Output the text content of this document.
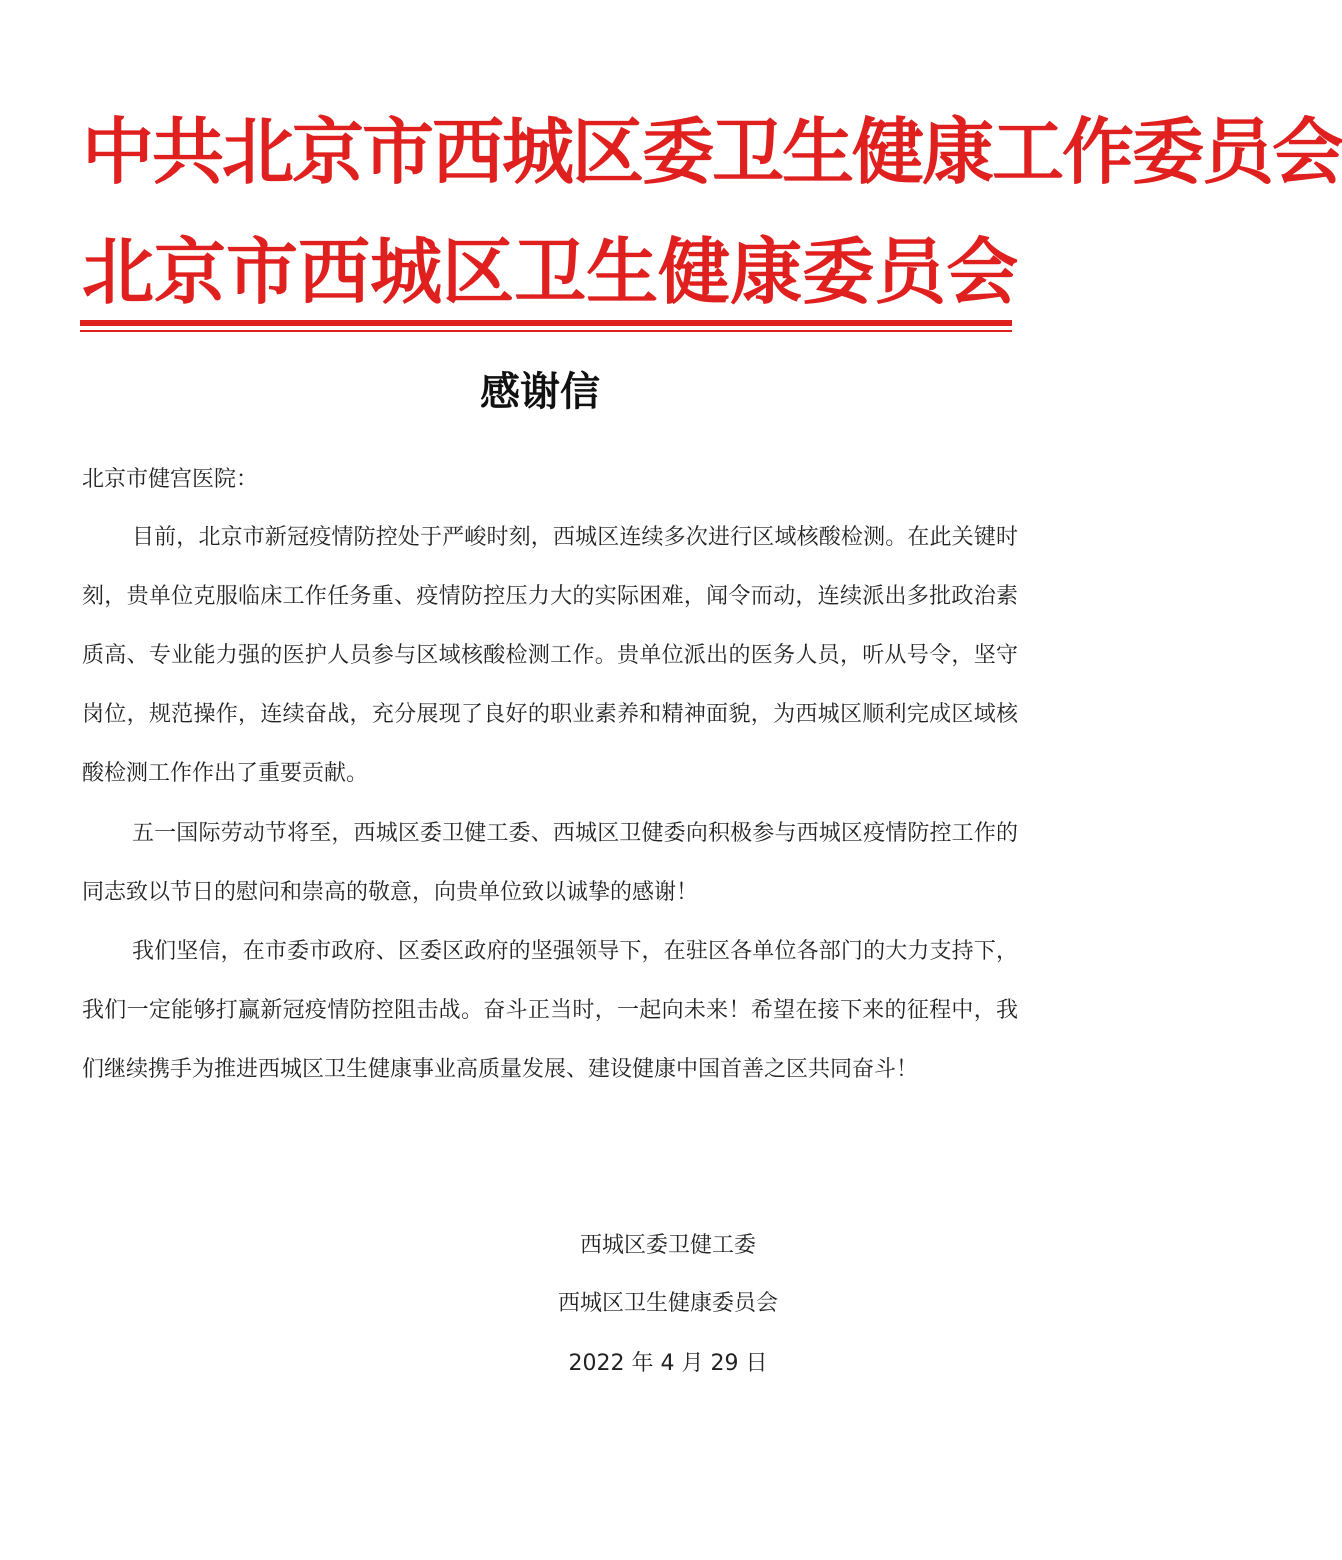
中共北京市西城区委卫生健康工作委员会
北 京 市 西 城 区 卫 生 健 康 委 员 会
感谢信
北京市健宫医院：

目前，北京市新冠疫情防控处于严峻时刻，西城区连续多次进行区域核酸检测。在此关键时刻，贵单位克服临床工作任务重、疫情防控压力大的实际困难，闻令而动，连续派出多批政治素质高、专业能力强的医护人员参与区域核酸检测工作。贵单位派出的医务人员，听从号令，坚守岗位，规范操作，连续奋战，充分展现了良好的职业素养和精神面貌，为西城区顺利完成区域核酸检测工作作出了重要贡献。

五一国际劳动节将至，西城区委卫健工委、西城区卫健委向积极参与西城区疫情防控工作的同志致以节日的慰问和崇高的敬意，向贵单位致以诚挚的感谢！

我们坚信，在市委市政府、区委区政府的坚强领导下，在驻区各单位各部门的大力支持下，我们一定能够打赢新冠疫情防控阻击战。奋斗正当时，一起向未来！希望在接下来的征程中，我们继续携手为推进西城区卫生健康事业高质量发展、建设健康中国首善之区共同奋斗！

西城区委卫健工委
西城区卫生健康委员会
2022 年 4 月 29 日
